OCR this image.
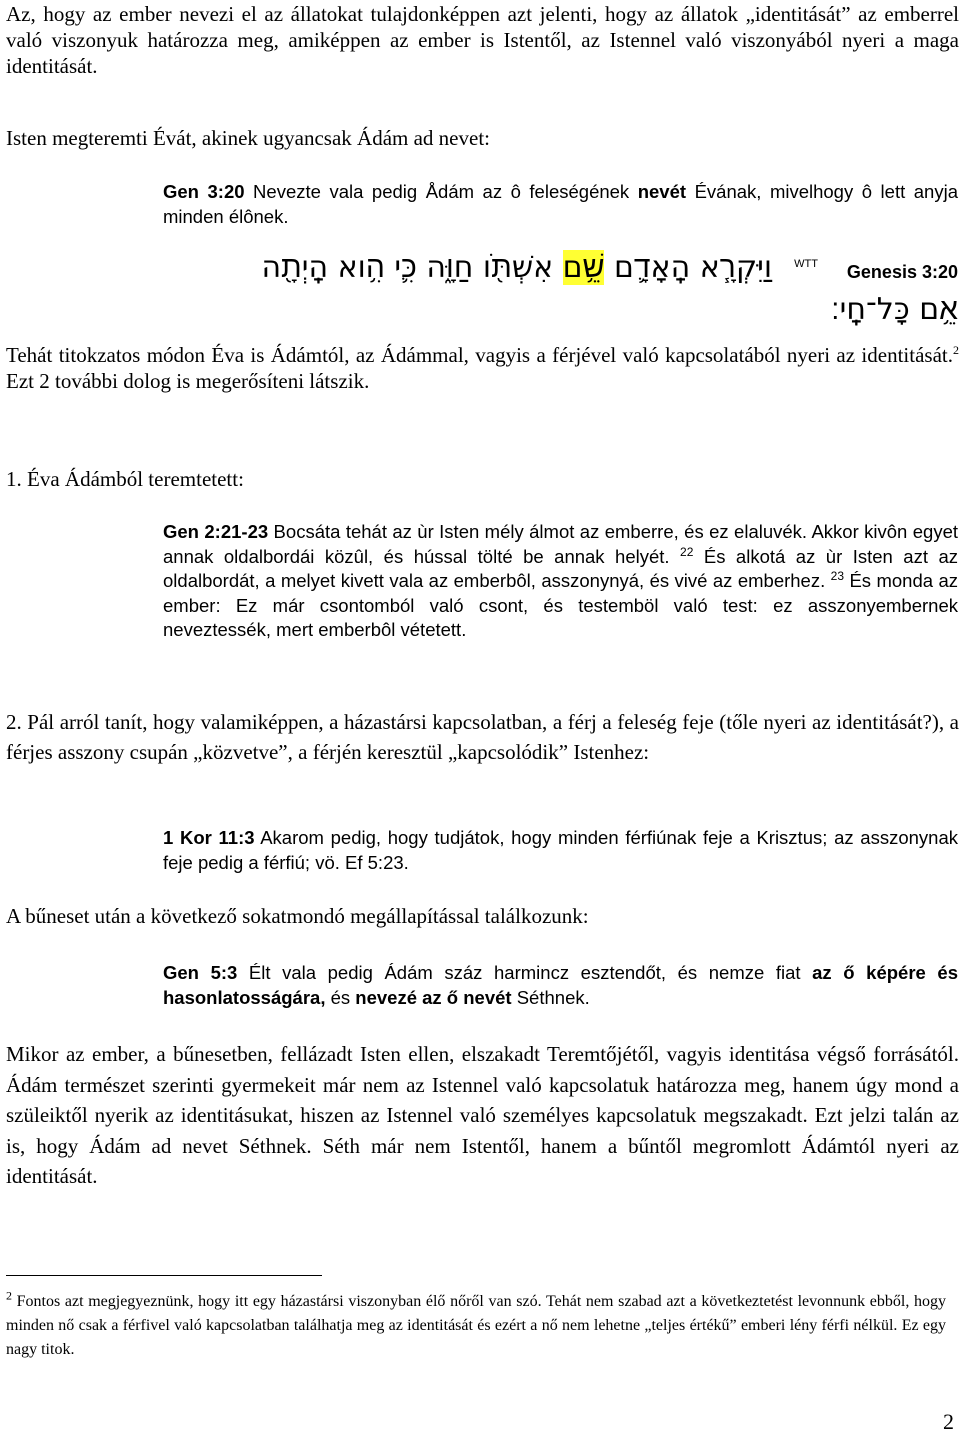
Az, hogy az ember nevezi el az állatokat tulajdonképpen azt jelenti, hogy az állatok „identitását” az emberrel való viszonyuk határozza meg, amiképpen az ember is Istentől, az Istennel való viszonyából nyeri a maga identitását.
Isten megteremti Évát, akinek ugyancsak Ádám ad nevet:
Gen 3:20 Nevezte vala pedig Ådám az ô feleségének nevét Évának, mivelhogy ô lett anyja minden élônek.
Genesis 3:20
WTT
וַיִּקְרָ֧א הָֽאָדָ֛ם שֵׁ֥ם אִשְׁתֹּ֖ו חַוָּ֑ה כִּ֛י הִ֥וא הָֽיְתָ֖ה
אֵ֥ם כָּל־חָֽי׃
Tehát titokzatos módon Éva is Ádámtól, az Ádámmal, vagyis a férjével való kapcsolatából nyeri az identitását.$^2$ Ezt 2 további dolog is megerősíteni látszik.
1. Éva Ádámból teremtetett:
Gen 2:21-23 Bocsáta tehát az ùr Isten mély álmot az emberre, és ez elaluvék. Akkor kivôn egyet annak oldalbordái közûl, és hússal tölté be annak helyét. $^{22}$ És alkotá az ùr Isten azt az oldalbordát, a melyet kivett vala az emberbôl, asszonynyá, és vivé az emberhez. $^{23}$ És monda az ember: Ez már csontomból való csont, és testemböl való test: ez asszonyembernek neveztessék, mert emberbôl vétetett.
2. Pál arról tanít, hogy valamiképpen, a házastársi kapcsolatban, a férj a feleség feje (tőle nyeri az identitását?), a férjes asszony csupán „közvetve”, a férjén keresztül „kapcsolódik” Istenhez:
1 Kor 11:3 Akarom pedig, hogy tudjátok, hogy minden férfiúnak feje a Krisztus; az asszonynak feje pedig a férfiú; vö. Ef 5:23.
A bűneset után a következő sokatmondó megállapítással találkozunk:
Gen 5:3 Élt vala pedig Ádám száz harmincz esztendőt, és nemze fiat az ő képére és hasonlatosságára, és nevezé az ő nevét Séthnek.
Mikor az ember, a bűnesetben, fellázadt Isten ellen, elszakadt Teremtőjétől, vagyis identitása végső forrásától. Ádám természet szerinti gyermekeit már nem az Istennel való kapcsolatuk határozza meg, hanem úgy mond a szüleiktől nyerik az identitásukat, hiszen az Istennel való személyes kapcsolatuk megszakadt. Ezt jelzi talán az is, hogy Ádám ad nevet Séthnek. Séth már nem Istentől, hanem a bűntől megromlott Ádámtól nyeri az identitását.
$^2$ Fontos azt megjegyeznünk, hogy itt egy házastársi viszonyban élő nőről van szó. Tehát nem szabad azt a következtetést levonnunk ebből, hogy minden nő csak a férfivel való kapcsolatban találhatja meg az identitását és ezért a nő nem lehetne „teljes értékű” emberi lény férfi nélkül. Ez egy nagy titok.
2
